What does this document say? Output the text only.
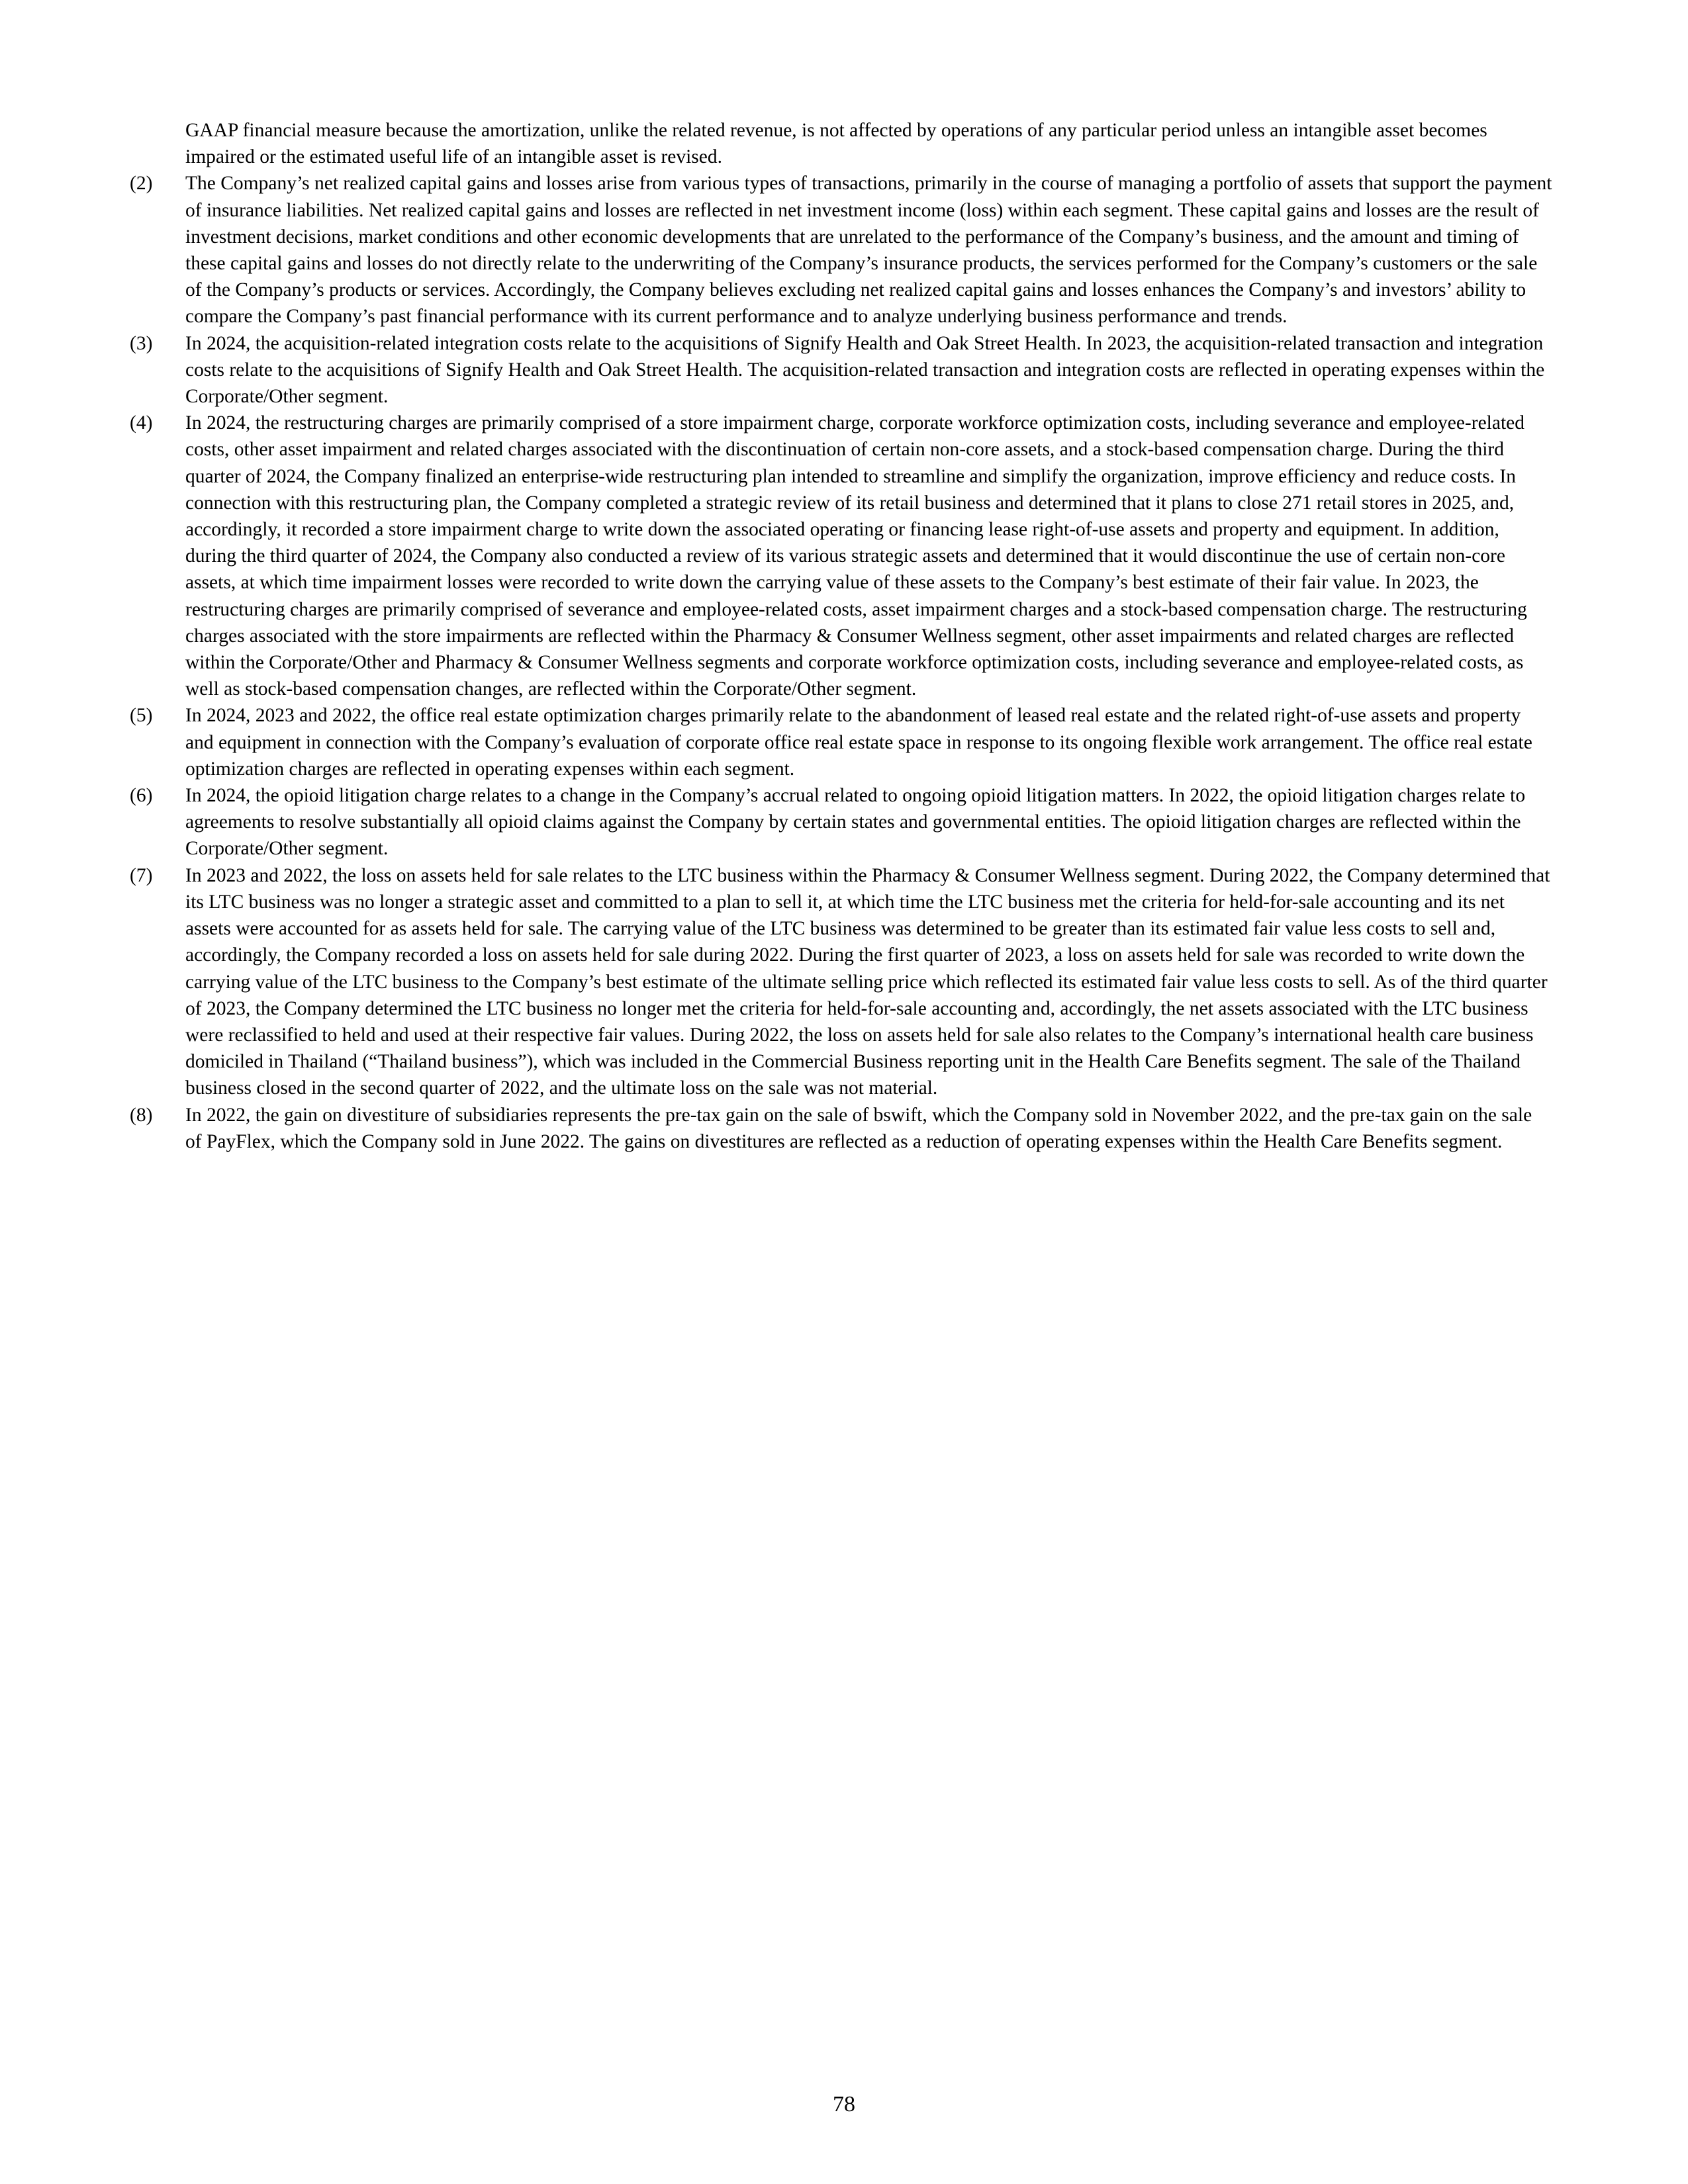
GAAP financial measure because the amortization, unlike the related revenue, is not affected by operations of any particular period unless an intangible asset becomes impaired or the estimated useful life of an intangible asset is revised.
(2)	The Company’s net realized capital gains and losses arise from various types of transactions, primarily in the course of managing a portfolio of assets that support the payment of insurance liabilities. Net realized capital gains and losses are reflected in net investment income (loss) within each segment. These capital gains and losses are the result of investment decisions, market conditions and other economic developments that are unrelated to the performance of the Company’s business, and the amount and timing of these capital gains and losses do not directly relate to the underwriting of the Company’s insurance products, the services performed for the Company’s customers or the sale of the Company’s products or services. Accordingly, the Company believes excluding net realized capital gains and losses enhances the Company’s and investors’ ability to compare the Company’s past financial performance with its current performance and to analyze underlying business performance and trends.
(3)	In 2024, the acquisition-related integration costs relate to the acquisitions of Signify Health and Oak Street Health. In 2023, the acquisition-related transaction and integration costs relate to the acquisitions of Signify Health and Oak Street Health. The acquisition-related transaction and integration costs are reflected in operating expenses within the Corporate/Other segment.
(4)	In 2024, the restructuring charges are primarily comprised of a store impairment charge, corporate workforce optimization costs, including severance and employee-related costs, other asset impairment and related charges associated with the discontinuation of certain non-core assets, and a stock-based compensation charge. During the third quarter of 2024, the Company finalized an enterprise-wide restructuring plan intended to streamline and simplify the organization, improve efficiency and reduce costs. In connection with this restructuring plan, the Company completed a strategic review of its retail business and determined that it plans to close 271 retail stores in 2025, and, accordingly, it recorded a store impairment charge to write down the associated operating or financing lease right-of-use assets and property and equipment. In addition, during the third quarter of 2024, the Company also conducted a review of its various strategic assets and determined that it would discontinue the use of certain non-core assets, at which time impairment losses were recorded to write down the carrying value of these assets to the Company’s best estimate of their fair value. In 2023, the restructuring charges are primarily comprised of severance and employee-related costs, asset impairment charges and a stock-based compensation charge. The restructuring charges associated with the store impairments are reflected within the Pharmacy & Consumer Wellness segment, other asset impairments and related charges are reflected within the Corporate/Other and Pharmacy & Consumer Wellness segments and corporate workforce optimization costs, including severance and employee-related costs, as well as stock-based compensation changes, are reflected within the Corporate/Other segment.
(5)	In 2024, 2023 and 2022, the office real estate optimization charges primarily relate to the abandonment of leased real estate and the related right-of-use assets and property and equipment in connection with the Company’s evaluation of corporate office real estate space in response to its ongoing flexible work arrangement. The office real estate optimization charges are reflected in operating expenses within each segment.
(6)	In 2024, the opioid litigation charge relates to a change in the Company’s accrual related to ongoing opioid litigation matters. In 2022, the opioid litigation charges relate to agreements to resolve substantially all opioid claims against the Company by certain states and governmental entities. The opioid litigation charges are reflected within the Corporate/Other segment.
(7)	In 2023 and 2022, the loss on assets held for sale relates to the LTC business within the Pharmacy & Consumer Wellness segment. During 2022, the Company determined that its LTC business was no longer a strategic asset and committed to a plan to sell it, at which time the LTC business met the criteria for held-for-sale accounting and its net assets were accounted for as assets held for sale. The carrying value of the LTC business was determined to be greater than its estimated fair value less costs to sell and, accordingly, the Company recorded a loss on assets held for sale during 2022. During the first quarter of 2023, a loss on assets held for sale was recorded to write down the carrying value of the LTC business to the Company’s best estimate of the ultimate selling price which reflected its estimated fair value less costs to sell. As of the third quarter of 2023, the Company determined the LTC business no longer met the criteria for held-for-sale accounting and, accordingly, the net assets associated with the LTC business were reclassified to held and used at their respective fair values. During 2022, the loss on assets held for sale also relates to the Company’s international health care business domiciled in Thailand (“Thailand business”), which was included in the Commercial Business reporting unit in the Health Care Benefits segment. The sale of the Thailand business closed in the second quarter of 2022, and the ultimate loss on the sale was not material.
(8)	In 2022, the gain on divestiture of subsidiaries represents the pre-tax gain on the sale of bswift, which the Company sold in November 2022, and the pre-tax gain on the sale of PayFlex, which the Company sold in June 2022. The gains on divestitures are reflected as a reduction of operating expenses within the Health Care Benefits segment.
78
